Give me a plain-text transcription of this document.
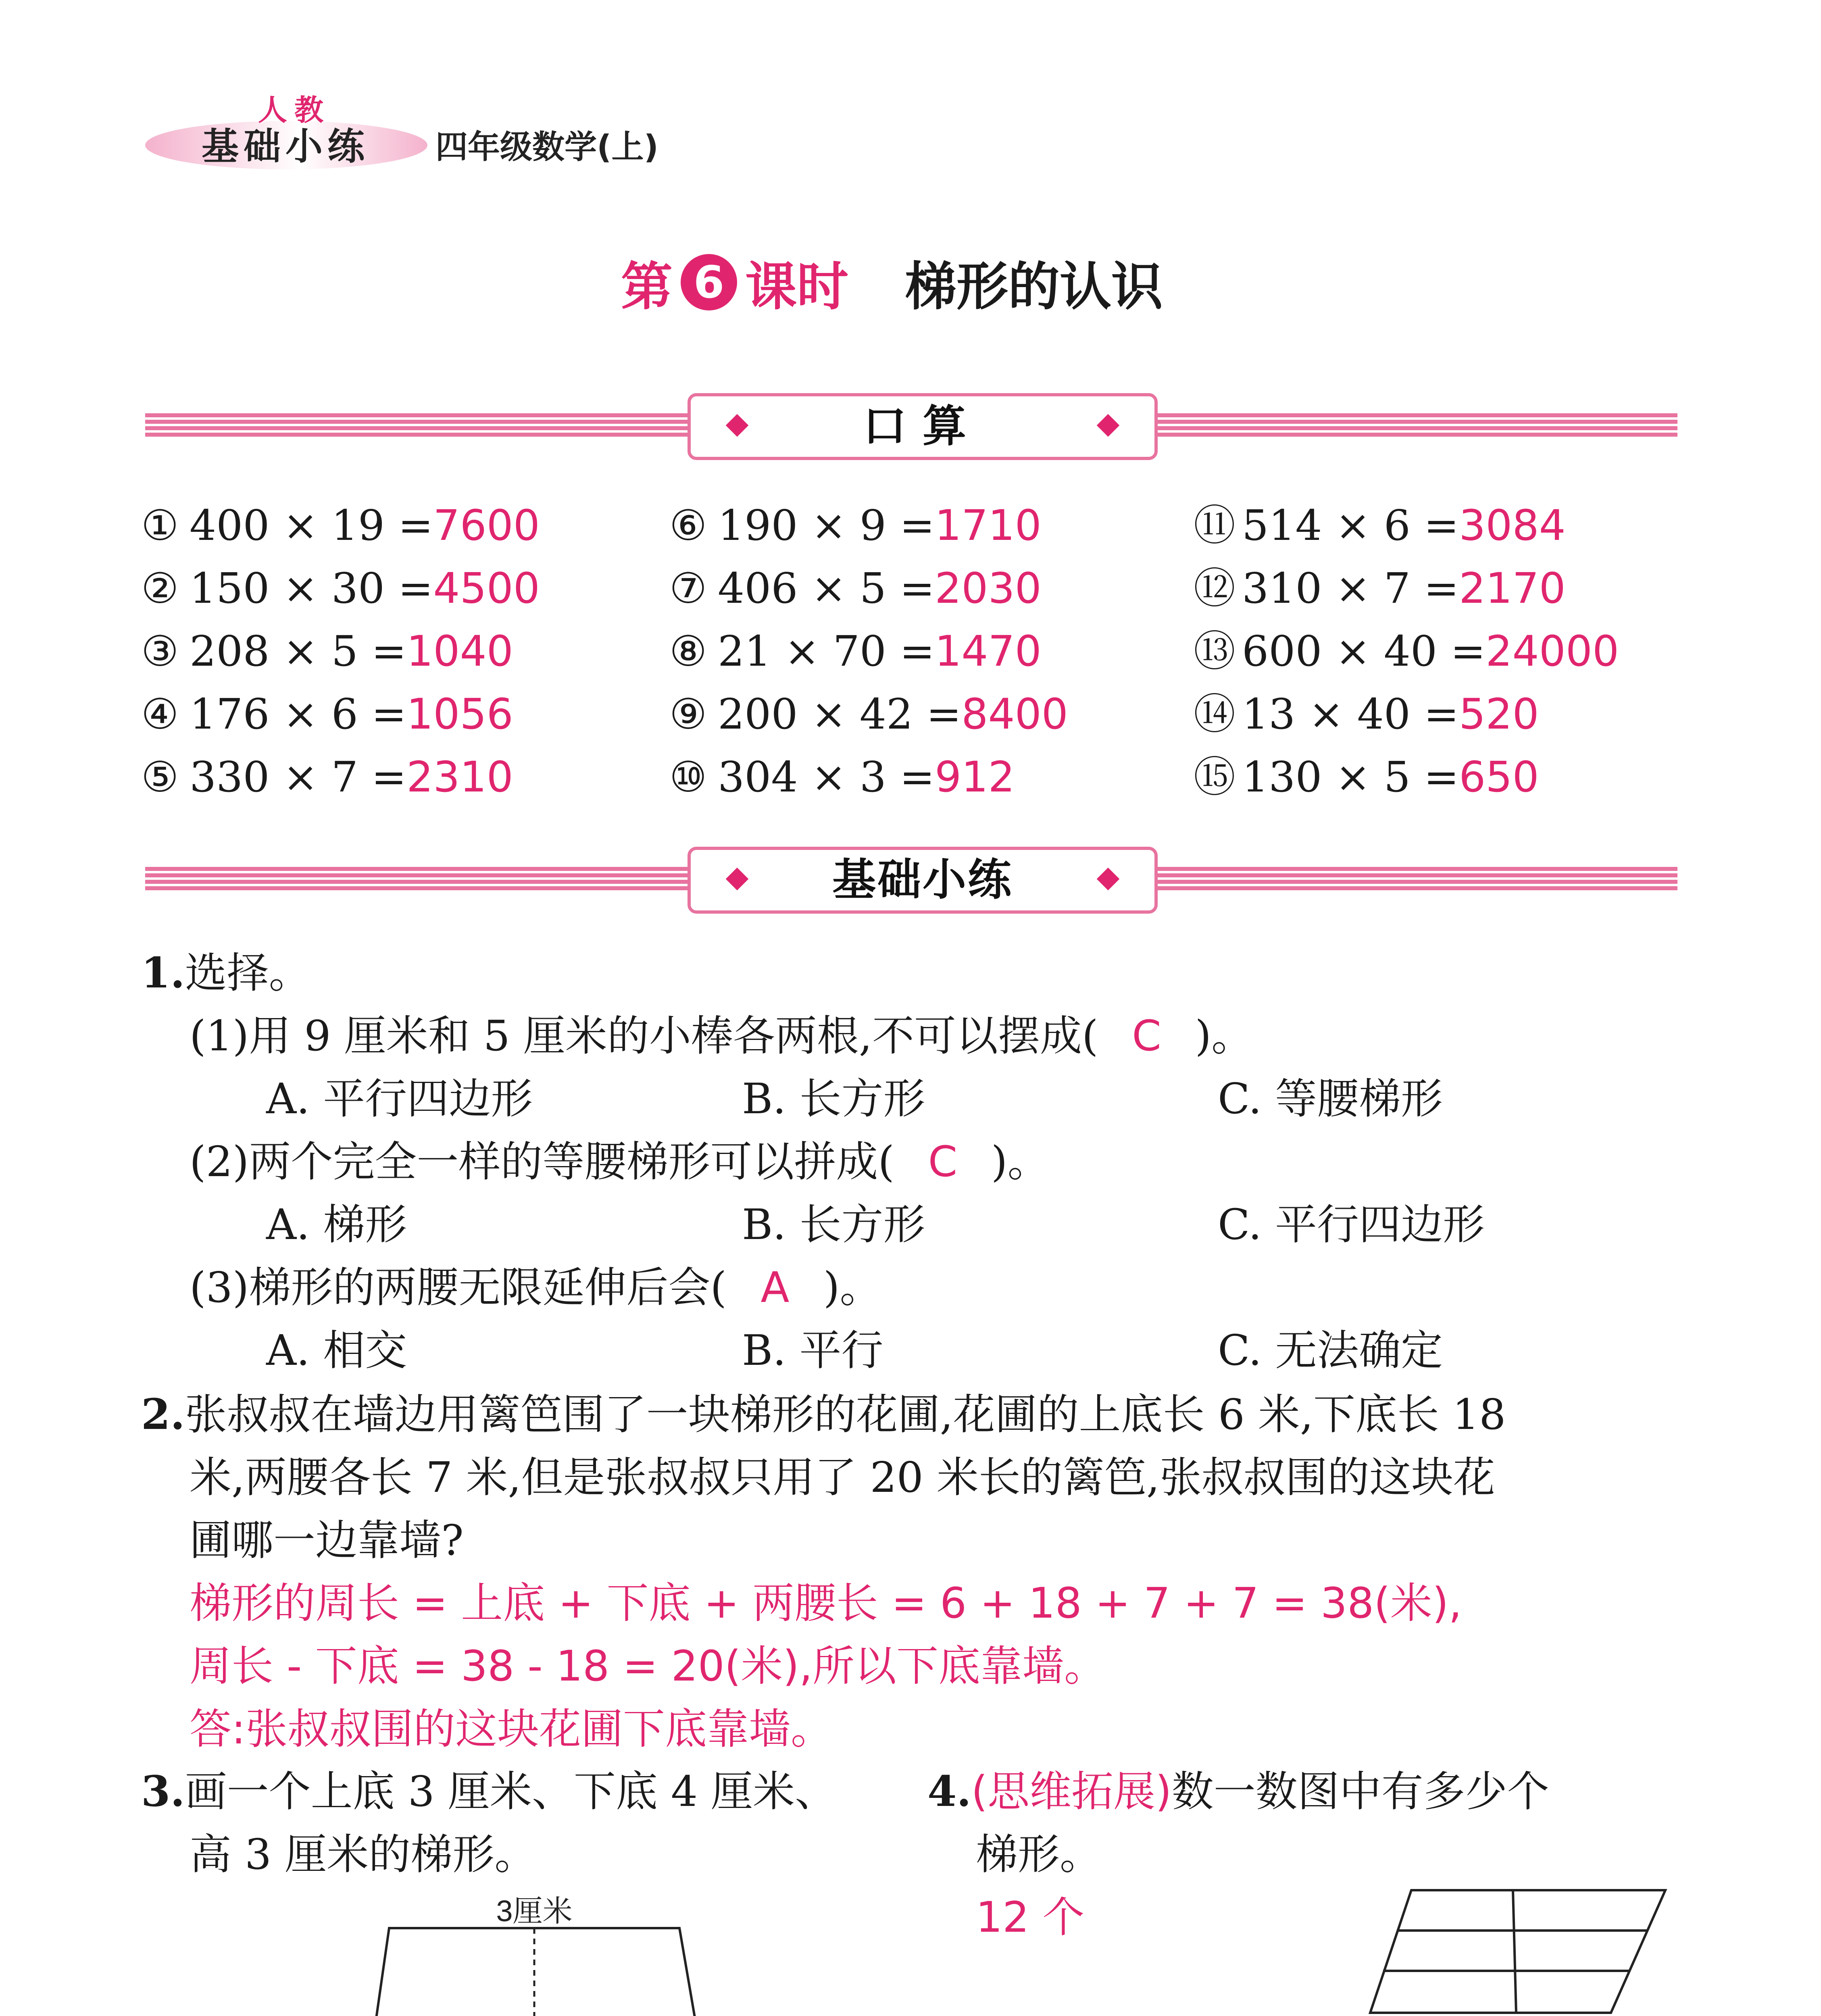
人教
基础小练 四年级数学(上)
第 6 课时 梯形的认识
口算
① 400 × 19 =7600
② 150 × 30 =4500
③ 208 × 5 =1040
④ 176 × 6 =1056
⑤ 330 × 7 =2310
⑥ 190 × 9 =1710
⑦ 406 × 5 =2030
⑧ 21 × 70 =1470
⑨ 200 × 42 =8400
⑩ 304 × 3 =912
⑪ 514 × 6 =3084
⑫ 310 × 7 =2170
⑬ 600 × 40 =24000
⑭ 13 × 40 =520
⑮ 130 × 5 =650
基础小练
1.选择。
(1)用 9 厘米和 5 厘米的小棒各两根,不可以摆成( C )。
A. 平行四边形	B. 长方形	C. 等腰梯形
(2)两个完全一样的等腰梯形可以拼成( C )。
A. 梯形	B. 长方形	C. 平行四边形
(3)梯形的两腰无限延伸后会( A )。
A. 相交	B. 平行	C. 无法确定
2.张叔叔在墙边用篱笆围了一块梯形的花圃,花圃的上底长 6 米,下底长 18
米,两腰各长 7 米,但是张叔叔只用了 20 米长的篱笆,张叔叔围的这块花
圃哪一边靠墙?
梯形的周长 = 上底 + 下底 + 两腰长 = 6 + 18 + 7 + 7 = 38(米),
周长 - 下底 = 38 - 18 = 20(米),所以下底靠墙。
答:张叔叔围的这块花圃下底靠墙。
3.画一个上底 3 厘米、下底 4 厘米、
高 3 厘米的梯形。
3厘米
4.(思维拓展)数一数图中有多少个
梯形。
12 个
